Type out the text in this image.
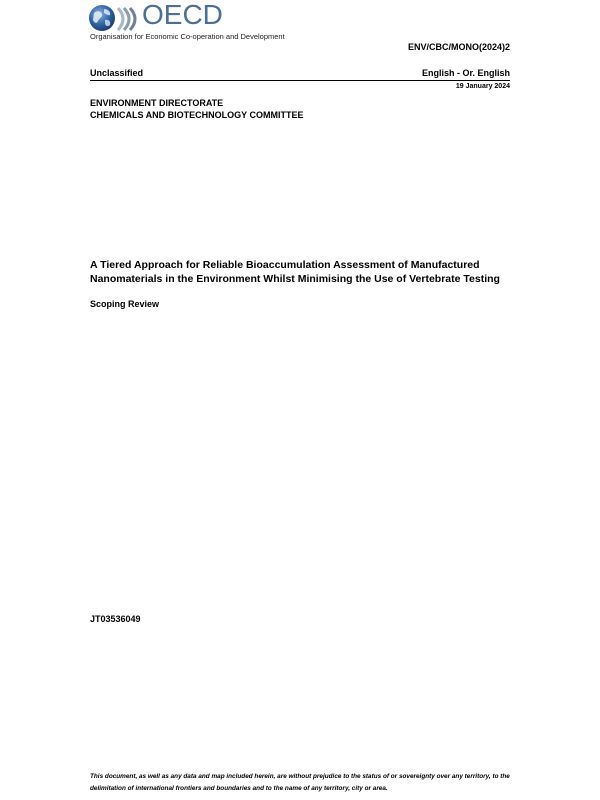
OECD
Organisation for Economic Co-operation and Development
ENV/CBC/MONO(2024)2
Unclassified	English - Or. English
19 January 2024
ENVIRONMENT DIRECTORATE
CHEMICALS AND BIOTECHNOLOGY COMMITTEE
A Tiered Approach for Reliable Bioaccumulation Assessment of Manufactured
Nanomaterials in the Environment Whilst Minimising the Use of Vertebrate Testing
Scoping Review
JT03536049
This document, as well as any data and map included herein, are without prejudice to the status of or sovereignty over any territory, to the
delimitation of international frontiers and boundaries and to the name of any territory, city or area.
